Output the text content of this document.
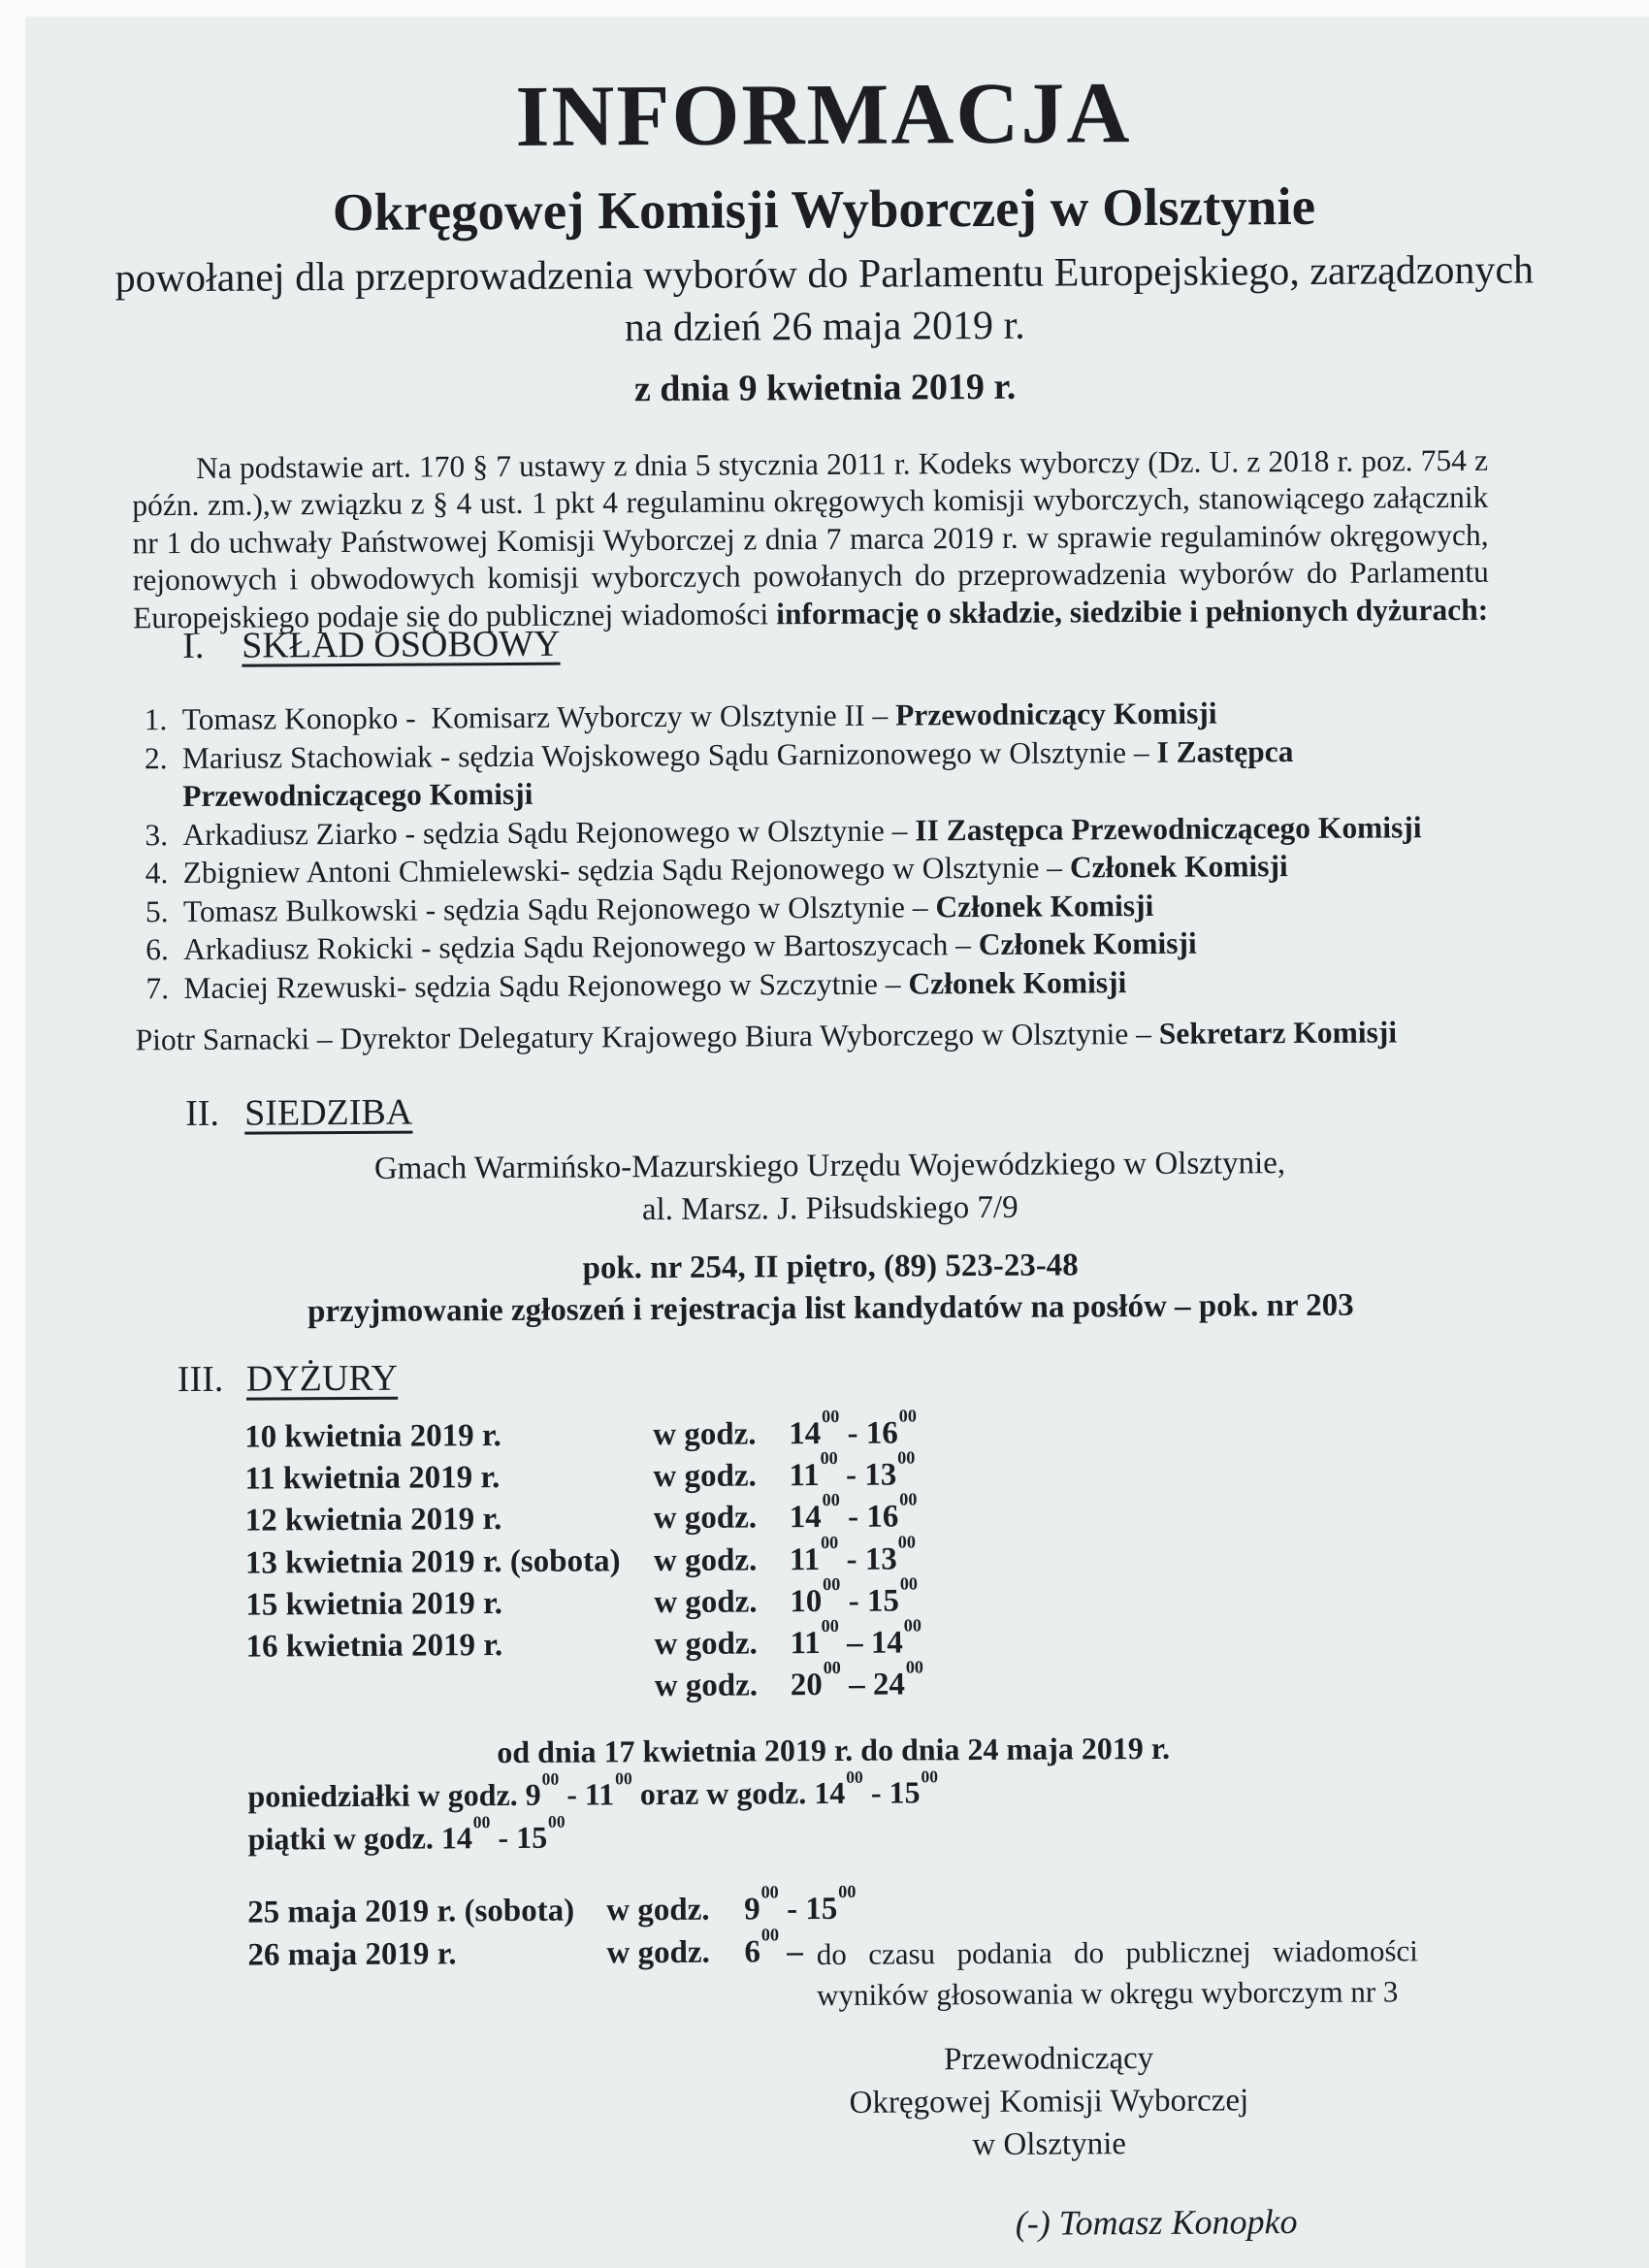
INFORMACJA
Okręgowej Komisji Wyborczej w Olsztynie
powołanej dla przeprowadzenia wyborów do Parlamentu Europejskiego, zarządzonych
na dzień 26 maja 2019 r.
z dnia 9 kwietnia 2019 r.

Na podstawie art. 170 § 7 ustawy z dnia 5 stycznia 2011 r. Kodeks wyborczy (Dz. U. z 2018 r. poz. 754 z późn. zm.),w związku z § 4 ust. 1 pkt 4 regulaminu okręgowych komisji wyborczych, stanowiącego załącznik nr 1 do uchwały Państwowej Komisji Wyborczej z dnia 7 marca 2019 r. w sprawie regulaminów okręgowych, rejonowych i obwodowych komisji wyborczych powołanych do przeprowadzenia wyborów do Parlamentu Europejskiego podaje się do publicznej wiadomości informację o składzie, siedzibie i pełnionych dyżurach:

I. SKŁAD OSOBOWY
1. Tomasz Konopko -  Komisarz Wyborczy w Olsztynie II – Przewodniczący Komisji
2. Mariusz Stachowiak - sędzia Wojskowego Sądu Garnizonowego w Olsztynie – I Zastępca Przewodniczącego Komisji
3. Arkadiusz Ziarko - sędzia Sądu Rejonowego w Olsztynie – II Zastępca Przewodniczącego Komisji
4. Zbigniew Antoni Chmielewski- sędzia Sądu Rejonowego w Olsztynie – Członek Komisji
5. Tomasz Bulkowski - sędzia Sądu Rejonowego w Olsztynie – Członek Komisji
6. Arkadiusz Rokicki - sędzia Sądu Rejonowego w Bartoszycach – Członek Komisji
7. Maciej Rzewuski- sędzia Sądu Rejonowego w Szczytnie – Członek Komisji
Piotr Sarnacki – Dyrektor Delegatury Krajowego Biura Wyborczego w Olsztynie – Sekretarz Komisji
II. SIEDZIBA
Gmach Warmińsko-Mazurskiego Urzędu Wojewódzkiego w Olsztynie,
al. Marsz. J. Piłsudskiego 7/9
pok. nr 254, II piętro, (89) 523-23-48
przyjmowanie zgłoszeń i rejestracja list kandydatów na posłów – pok. nr 203
III. DYŻURY
10 kwietnia 2019 r.	w godz.	$14^{00} - 16^{00}$
11 kwietnia 2019 r.	w godz.	$11^{00} - 13^{00}$
12 kwietnia 2019 r.	w godz.	$14^{00} - 16^{00}$
13 kwietnia 2019 r. (sobota)	w godz.	$11^{00} - 13^{00}$
15 kwietnia 2019 r.	w godz.	$10^{00} - 15^{00}$
16 kwietnia 2019 r.	w godz.	$11^{00} - 14^{00}$
w godz.	$20^{00} - 24^{00}$
od dnia 17 kwietnia 2019 r. do dnia 24 maja 2019 r.
poniedziałki w godz. $9^{00} - 11^{00}$ oraz w godz. $14^{00} - 15^{00}$
piątki w godz. $14^{00} - 15^{00}$
25 maja 2019 r. (sobota) w godz.	$9^{00} - 15^{00}$
26 maja 2019 r.	w godz.	$6^{00}$ – do czasu podania do publicznej wiadomości wyników głosowania w okręgu wyborczym nr 3
Przewodniczący
Okręgowej Komisji Wyborczej
w Olsztynie
(-) Tomasz Konopko
